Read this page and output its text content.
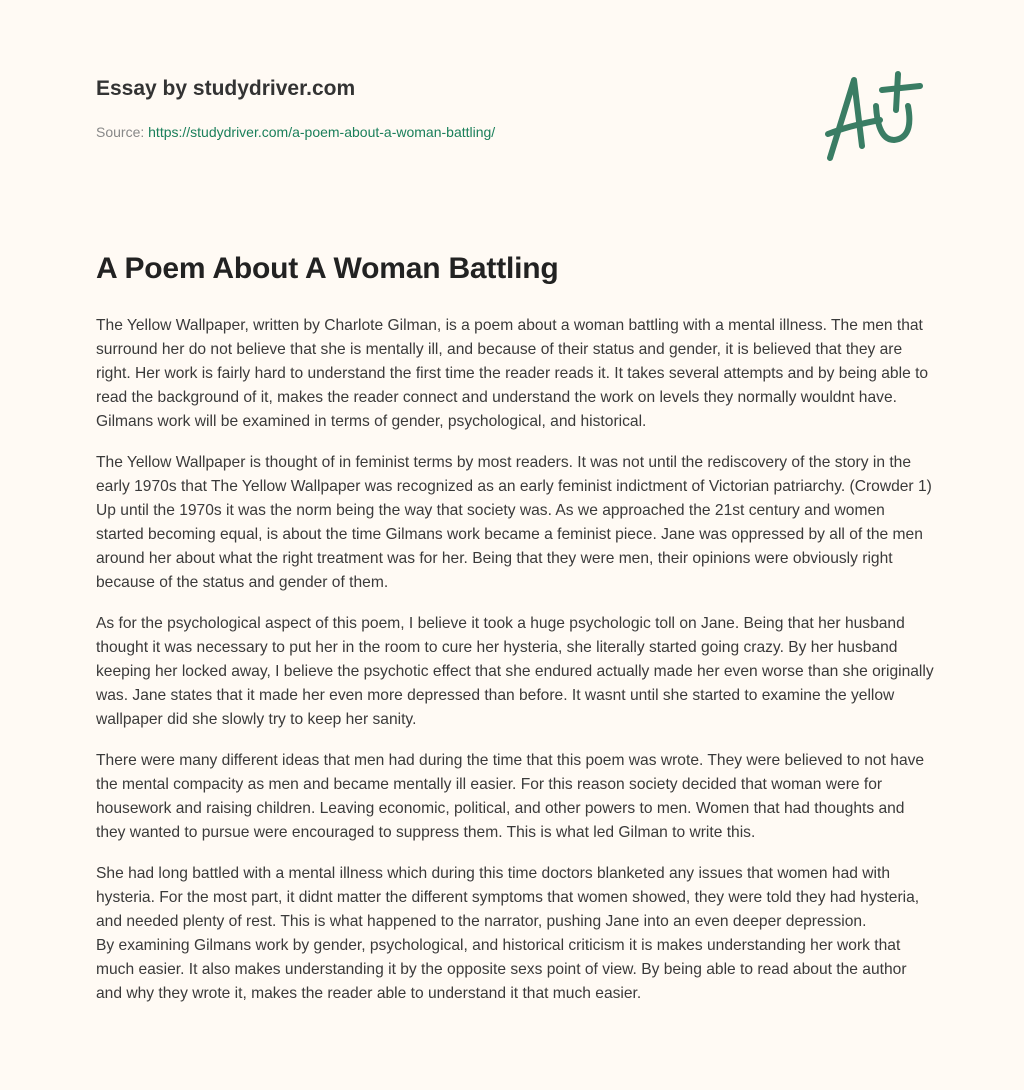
Essay by studydriver.com
Source: https://studydriver.com/a-poem-about-a-woman-battling/
A Poem About A Woman Battling

The Yellow Wallpaper, written by Charlote Gilman, is a poem about a woman battling with a mental illness. The men that surround her do not believe that she is mentally ill, and because of their status and gender, it is believed that they are right. Her work is fairly hard to understand the first time the reader reads it. It takes several attempts and by being able to read the background of it, makes the reader connect and understand the work on levels they normally wouldnt have. Gilmans work will be examined in terms of gender, psychological, and historical.

The Yellow Wallpaper is thought of in feminist terms by most readers. It was not until the rediscovery of the story in the early 1970s that The Yellow Wallpaper was recognized as an early feminist indictment of Victorian patriarchy. (Crowder 1) Up until the 1970s it was the norm being the way that society was. As we approached the 21st century and women started becoming equal, is about the time Gilmans work became a feminist piece. Jane was oppressed by all of the men around her about what the right treatment was for her. Being that they were men, their opinions were obviously right because of the status and gender of them.

As for the psychological aspect of this poem, I believe it took a huge psychologic toll on Jane. Being that her husband thought it was necessary to put her in the room to cure her hysteria, she literally started going crazy. By her husband keeping her locked away, I believe the psychotic effect that she endured actually made her even worse than she originally was. Jane states that it made her even more depressed than before. It wasnt until she started to examine the yellow wallpaper did she slowly try to keep her sanity.

There were many different ideas that men had during the time that this poem was wrote. They were believed to not have the mental compacity as men and became mentally ill easier. For this reason society decided that woman were for housework and raising children. Leaving economic, political, and other powers to men. Women that had thoughts and they wanted to pursue were encouraged to suppress them. This is what led Gilman to write this.

She had long battled with a mental illness which during this time doctors blanketed any issues that women had with hysteria. For the most part, it didnt matter the different symptoms that women showed, they were told they had hysteria, and needed plenty of rest. This is what happened to the narrator, pushing Jane into an even deeper depression.

By examining Gilmans work by gender, psychological, and historical criticism it is makes understanding her work that much easier. It also makes understanding it by the opposite sexs point of view. By being able to read about the author and why they wrote it, makes the reader able to understand it that much easier.
